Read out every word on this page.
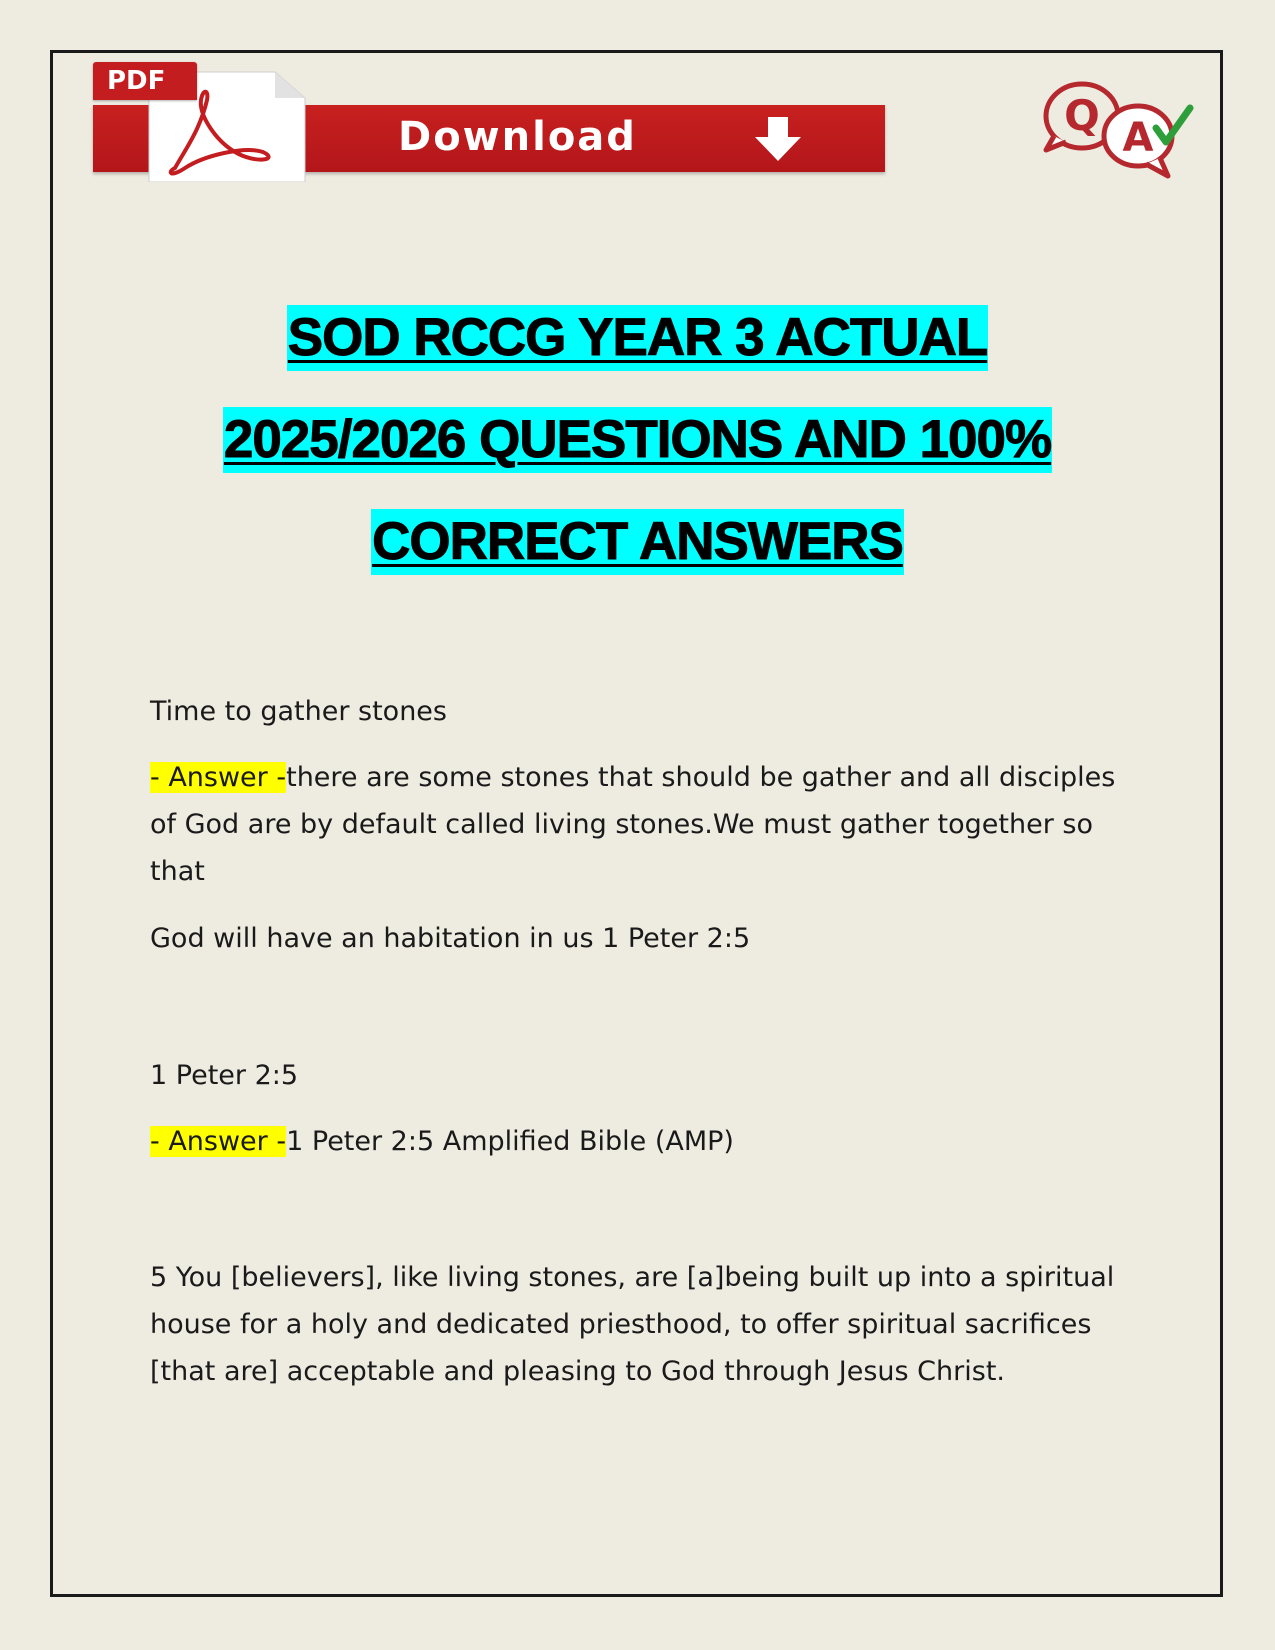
PDF
Download	Q A
SOD RCCG YEAR 3 ACTUAL
2025/2026 QUESTIONS AND 100%
CORRECT ANSWERS
Time to gather stones
- Answer -there are some stones that should be gather and all disciples of God are by default called living stones.We must gather together so that
God will have an habitation in us 1 Peter 2:5
1 Peter 2:5
- Answer -1 Peter 2:5 Amplified Bible (AMP)
5 You [believers], like living stones, are [a]being built up into a spiritual house for a holy and dedicated priesthood, to offer spiritual sacrifices [that are] acceptable and pleasing to God through Jesus Christ.
